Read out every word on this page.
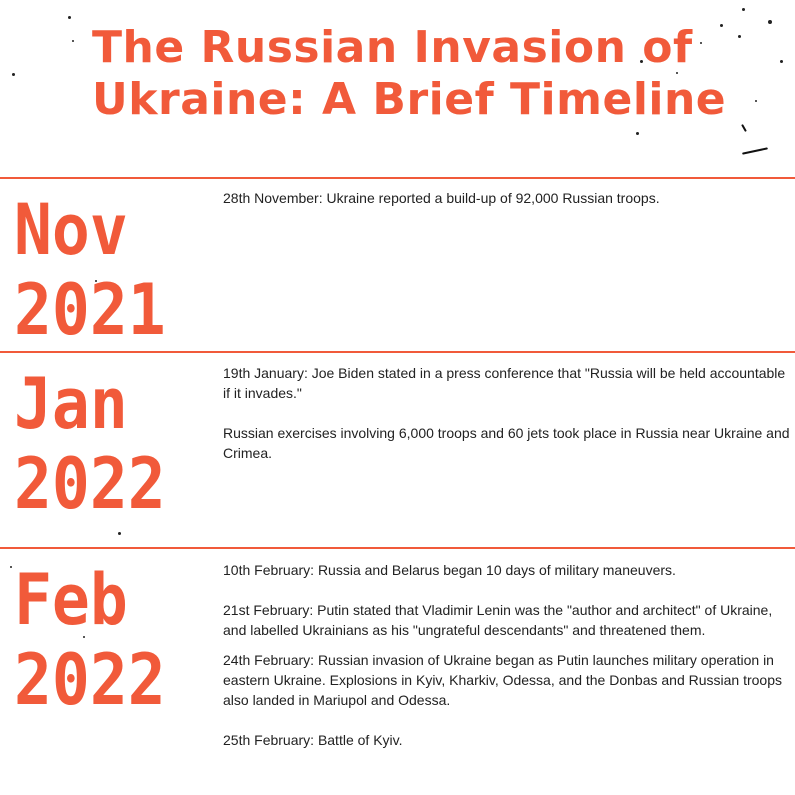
The Russian Invasion of Ukraine: A Brief Timeline
Nov
2021

28th November: Ukraine reported a build-up of 92,000 Russian troops.

Jan
2022

19th January: Joe Biden stated in a press conference that "Russia will be held accountable if it invades."

Russian exercises involving 6,000 troops and 60 jets took place in Russia near Ukraine and Crimea.

Feb
2022

10th February: Russia and Belarus began 10 days of military maneuvers.

21st February: Putin stated that Vladimir Lenin was the "author and architect" of Ukraine, and labelled Ukrainians as his "ungrateful descendants" and threatened them.

24th February: Russian invasion of Ukraine began as Putin launches military operation in eastern Ukraine. Explosions in Kyiv, Kharkiv, Odessa, and the Donbas and Russian troops also landed in Mariupol and Odessa.

25th February: Battle of Kyiv.
